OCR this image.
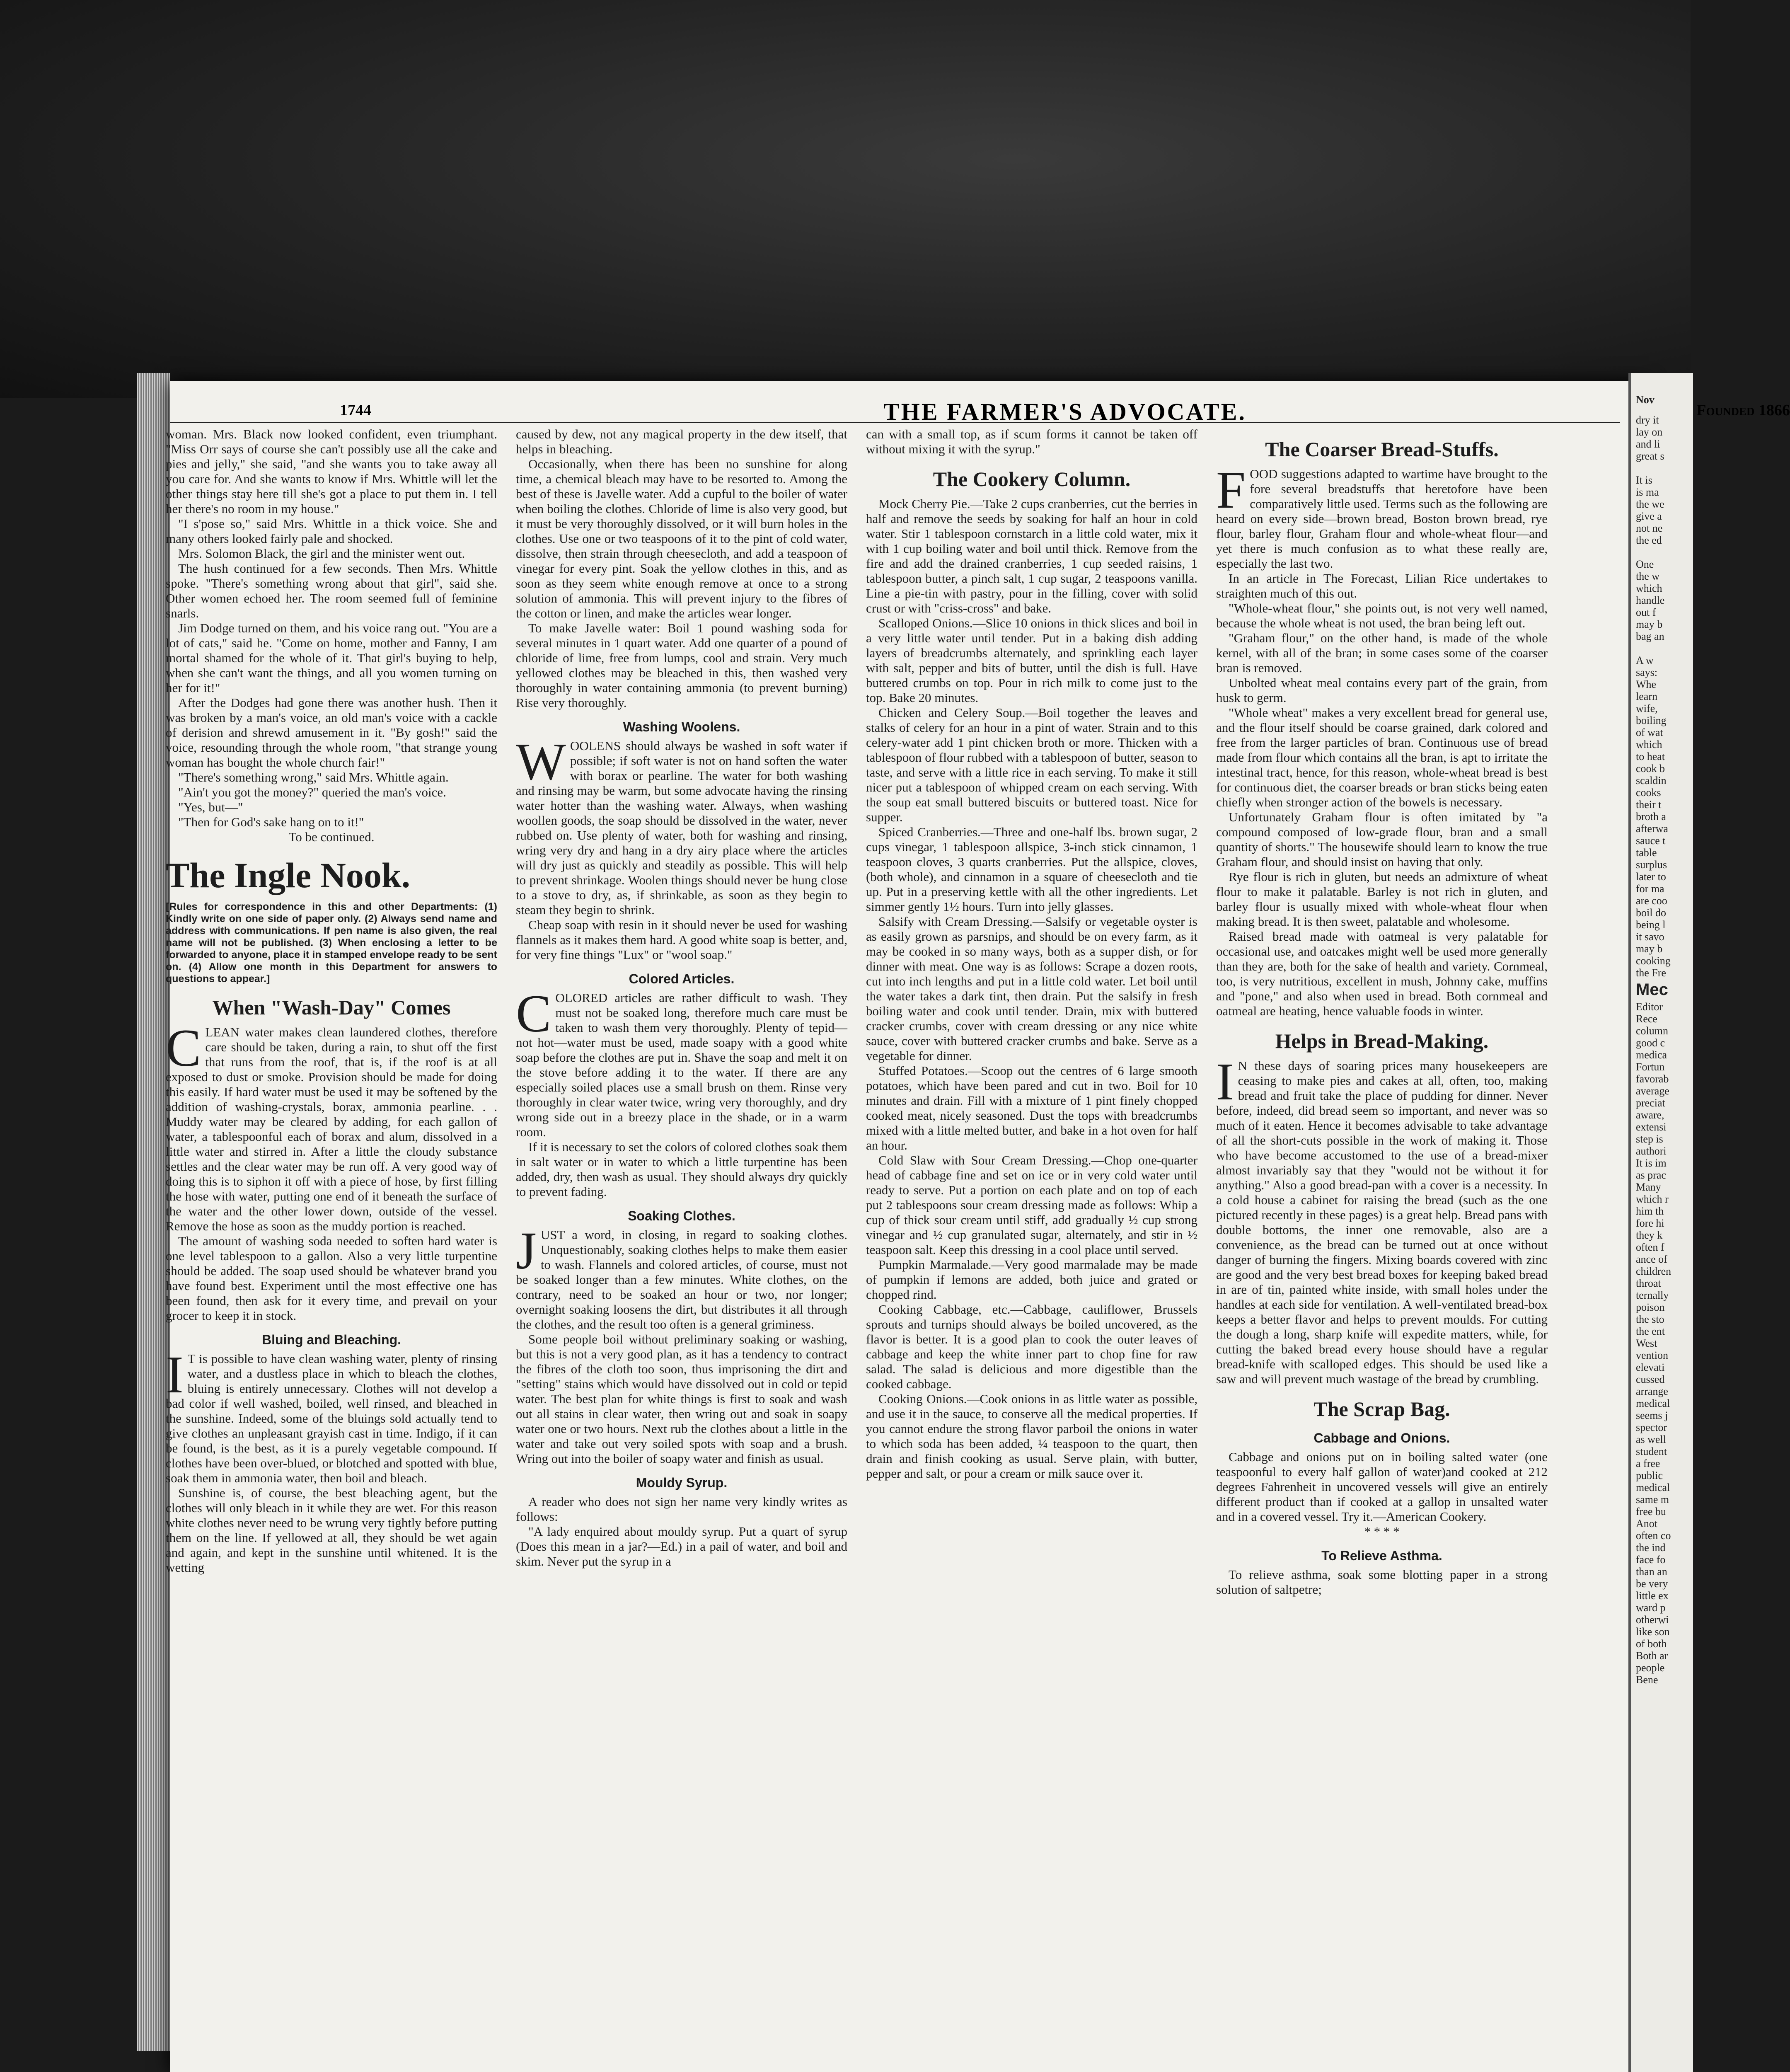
1744	THE FARMER'S ADVOCATE.	Founded 1866

woman. Mrs. Black now looked confident, even triumphant. "Miss Orr says of course she can't possibly use all the cake and pies and jelly," she said, "and she wants you to take away all you care for. And she wants to know if Mrs. Whittle will let the other things stay here till she's got a place to put them in. I tell her there's no room in my house."

"I s'pose so," said Mrs. Whittle in a thick voice. She and many others looked fairly pale and shocked.

Mrs. Solomon Black, the girl and the minister went out.

The hush continued for a few seconds. Then Mrs. Whittle spoke. "There's something wrong about that girl", said she. Other women echoed her. The room seemed full of feminine snarls.

Jim Dodge turned on them, and his voice rang out. "You are a lot of cats," said he. "Come on home, mother and Fanny, I am mortal shamed for the whole of it. That girl's buying to help, when she can't want the things, and all you women turning on her for it!"

After the Dodges had gone there was another hush. Then it was broken by a man's voice, an old man's voice with a cackle of derision and shrewd amusement in it. "By gosh!" said the voice, resounding through the whole room, "that strange young woman has bought the whole church fair!"

"There's something wrong," said Mrs. Whittle again.

"Ain't you got the money?" queried the man's voice.

"Yes, but—"

"Then for God's sake hang on to it!"

To be continued.

The Ingle Nook.
[Rules for correspondence in this and other Departments: (1) Kindly write on one side of paper only. (2) Always send name and address with communications. If pen name is also given, the real name will not be published. (3) When enclosing a letter to be forwarded to anyone, place it in stamped envelope ready to be sent on. (4) Allow one month in this Department for answers to questions to appear.]
When "Wash-Day" Comes

CLEAN water makes clean laundered clothes, therefore care should be taken, during a rain, to shut off the first that runs from the roof, that is, if the roof is at all exposed to dust or smoke. Provision should be made for doing this easily. If hard water must be used it may be softened by the addition of washing-crystals, borax, ammonia pearline. . . Muddy water may be cleared by adding, for each gallon of water, a tablespoonful each of borax and alum, dissolved in a little water and stirred in. After a little the cloudy substance settles and the clear water may be run off. A very good way of doing this is to siphon it off with a piece of hose, by first filling the hose with water, putting one end of it beneath the surface of the water and the other lower down, outside of the vessel. Remove the hose as soon as the muddy portion is reached.

The amount of washing soda needed to soften hard water is one level tablespoon to a gallon. Also a very little turpentine should be added. The soap used should be whatever brand you have found best. Experiment until the most effective one has been found, then ask for it every time, and prevail on your grocer to keep it in stock.

Bluing and Bleaching.

I T is possible to have clean washing water, plenty of rinsing water, and a dustless place in which to bleach the clothes, bluing is entirely unnecessary. Clothes will not develop a bad color if well washed, boiled, well rinsed, and bleached in the sunshine. Indeed, some of the bluings sold actually tend to give clothes an unpleasant grayish cast in time. Indigo, if it can be found, is the best, as it is a purely vegetable compound. If clothes have been over-blued, or blotched and spotted with blue, soak them in ammonia water, then boil and bleach.

Sunshine is, of course, the best bleaching agent, but the clothes will only bleach in it while they are wet. For this reason white clothes never need to be wrung very tightly before putting them on the line. If yellowed at all, they should be wet again and again, and kept in the sunshine until whitened. It is the wetting

caused by dew, not any magical property in the dew itself, that helps in bleaching.

Occasionally, when there has been no sunshine for along time, a chemical bleach may have to be resorted to. Among the best of these is Javelle water. Add a cupful to the boiler of water when boiling the clothes. Chloride of lime is also very good, but it must be very thoroughly dissolved, or it will burn holes in the clothes. Use one or two teaspoons of it to the pint of cold water, dissolve, then strain through cheesecloth, and add a teaspoon of vinegar for every pint. Soak the yellow clothes in this, and as soon as they seem white enough remove at once to a strong solution of ammonia. This will prevent injury to the fibres of the cotton or linen, and make the articles wear longer.

To make Javelle water: Boil 1 pound washing soda for several minutes in 1 quart water. Add one quarter of a pound of chloride of lime, free from lumps, cool and strain. Very much yellowed clothes may be bleached in this, then washed very thoroughly in water containing ammonia (to prevent burning) Rise very thoroughly.

Washing Woolens.

WOOLENS should always be washed in soft water if possible; if soft water is not on hand soften the water with borax or pearline. The water for both washing and rinsing may be warm, but some advocate having the rinsing water hotter than the washing water. Always, when washing woollen goods, the soap should be dissolved in the water, never rubbed on. Use plenty of water, both for washing and rinsing, wring very dry and hang in a dry airy place where the articles will dry just as quickly and steadily as possible. This will help to prevent shrinkage. Woolen things should never be hung close to a stove to dry, as, if shrinkable, as soon as they begin to steam they begin to shrink.

Cheap soap with resin in it should never be used for washing flannels as it makes them hard. A good white soap is better, and, for very fine things "Lux" or "wool soap."

Colored Articles.

COLORED articles are rather difficult to wash. They must not be soaked long, therefore much care must be taken to wash them very thoroughly. Plenty of tepid—not hot—water must be used, made soapy with a good white soap before the clothes are put in. Shave the soap and melt it on the stove before adding it to the water. If there are any especially soiled places use a small brush on them. Rinse very thoroughly in clear water twice, wring very thoroughly, and dry wrong side out in a breezy place in the shade, or in a warm room.

If it is necessary to set the colors of colored clothes soak them in salt water or in water to which a little turpentine has been added, dry, then wash as usual. They should always dry quickly to prevent fading.

Soaking Clothes.

JUST a word, in closing, in regard to soaking clothes. Unquestionably, soaking clothes helps to make them easier to wash. Flannels and colored articles, of course, must not be soaked longer than a few minutes. White clothes, on the contrary, need to be soaked an hour or two, nor longer; overnight soaking loosens the dirt, but distributes it all through the clothes, and the result too often is a general griminess.

Some people boil without preliminary soaking or washing, but this is not a very good plan, as it has a tendency to contract the fibres of the cloth too soon, thus imprisoning the dirt and "setting" stains which would have dissolved out in cold or tepid water. The best plan for white things is first to soak and wash out all stains in clear water, then wring out and soak in soapy water one or two hours. Next rub the clothes about a little in the water and take out very soiled spots with soap and a brush. Wring out into the boiler of soapy water and finish as usual.

Mouldy Syrup.

A reader who does not sign her name very kindly writes as follows:

"A lady enquired about mouldy syrup. Put a quart of syrup (Does this mean in a jar?—Ed.) in a pail of water, and boil and skim. Never put the syrup in a

can with a small top, as if scum forms it cannot be taken off without mixing it with the syrup."

The Cookery Column.

Mock Cherry Pie.—Take 2 cups cranberries, cut the berries in half and remove the seeds by soaking for half an hour in cold water. Stir 1 tablespoon cornstarch in a little cold water, mix it with 1 cup boiling water and boil until thick. Remove from the fire and add the drained cranberries, 1 cup seeded raisins, 1 tablespoon butter, a pinch salt, 1 cup sugar, 2 teaspoons vanilla. Line a pie-tin with pastry, pour in the filling, cover with solid crust or with "criss-cross" and bake.

Scalloped Onions.—Slice 10 onions in thick slices and boil in a very little water until tender. Put in a baking dish adding layers of breadcrumbs alternately, and sprinkling each layer with salt, pepper and bits of butter, until the dish is full. Have buttered crumbs on top. Pour in rich milk to come just to the top. Bake 20 minutes.

Chicken and Celery Soup.—Boil together the leaves and stalks of celery for an hour in a pint of water. Strain and to this celery-water add 1 pint chicken broth or more. Thicken with a tablespoon of flour rubbed with a tablespoon of butter, season to taste, and serve with a little rice in each serving. To make it still nicer put a tablespoon of whipped cream on each serving. With the soup eat small buttered biscuits or buttered toast. Nice for supper.

Spiced Cranberries.—Three and one-half lbs. brown sugar, 2 cups vinegar, 1 tablespoon allspice, 3-inch stick cinnamon, 1 teaspoon cloves, 3 quarts cranberries. Put the allspice, cloves, (both whole), and cinnamon in a square of cheesecloth and tie up. Put in a preserving kettle with all the other ingredients. Let simmer gently 1½ hours. Turn into jelly glasses.

Salsify with Cream Dressing.—Salsify or vegetable oyster is as easily grown as parsnips, and should be on every farm, as it may be cooked in so many ways, both as a supper dish, or for dinner with meat. One way is as follows: Scrape a dozen roots, cut into inch lengths and put in a little cold water. Let boil until the water takes a dark tint, then drain. Put the salsify in fresh boiling water and cook until tender. Drain, mix with buttered cracker crumbs, cover with cream dressing or any nice white sauce, cover with buttered cracker crumbs and bake. Serve as a vegetable for dinner.

Stuffed Potatoes.—Scoop out the centres of 6 large smooth potatoes, which have been pared and cut in two. Boil for 10 minutes and drain. Fill with a mixture of 1 pint finely chopped cooked meat, nicely seasoned. Dust the tops with breadcrumbs mixed with a little melted butter, and bake in a hot oven for half an hour.

Cold Slaw with Sour Cream Dressing.—Chop one-quarter head of cabbage fine and set on ice or in very cold water until ready to serve. Put a portion on each plate and on top of each put 2 tablespoons sour cream dressing made as follows: Whip a cup of thick sour cream until stiff, add gradually ½ cup strong vinegar and ½ cup granulated sugar, alternately, and stir in ½ teaspoon salt. Keep this dressing in a cool place until served.

Pumpkin Marmalade.—Very good marmalade may be made of pumpkin if lemons are added, both juice and grated or chopped rind.

Cooking Cabbage, etc.—Cabbage, cauliflower, Brussels sprouts and turnips should always be boiled uncovered, as the flavor is better. It is a good plan to cook the outer leaves of cabbage and keep the white inner part to chop fine for raw salad. The salad is delicious and more digestible than the cooked cabbage.

Cooking Onions.—Cook onions in as little water as possible, and use it in the sauce, to conserve all the medical properties. If you cannot endure the strong flavor parboil the onions in water to which soda has been added, ¼ teaspoon to the quart, then drain and finish cooking as usual. Serve plain, with butter, pepper and salt, or pour a cream or milk sauce over it.

The Coarser Bread-Stuffs.

FOOD suggestions adapted to wartime have brought to the fore several breadstuffs that heretofore have been comparatively little used. Terms such as the following are heard on every side—brown bread, Boston brown bread, rye flour, barley flour, Graham flour and whole-wheat flour—and yet there is much confusion as to what these really are, especially the last two.

In an article in The Forecast, Lilian Rice undertakes to straighten much of this out.

"Whole-wheat flour," she points out, is not very well named, because the whole wheat is not used, the bran being left out.

"Graham flour," on the other hand, is made of the whole kernel, with all of the bran; in some cases some of the coarser bran is removed.

Unbolted wheat meal contains every part of the grain, from husk to germ.

"Whole wheat" makes a very excellent bread for general use, and the flour itself should be coarse grained, dark colored and free from the larger particles of bran. Continuous use of bread made from flour which contains all the bran, is apt to irritate the intestinal tract, hence, for this reason, whole-wheat bread is best for continuous diet, the coarser breads or bran sticks being eaten chiefly when stronger action of the bowels is necessary.

Unfortunately Graham flour is often imitated by "a compound composed of low-grade flour, bran and a small quantity of shorts." The housewife should learn to know the true Graham flour, and should insist on having that only.

Rye flour is rich in gluten, but needs an admixture of wheat flour to make it palatable. Barley is not rich in gluten, and barley flour is usually mixed with whole-wheat flour when making bread. It is then sweet, palatable and wholesome.

Raised bread made with oatmeal is very palatable for occasional use, and oatcakes might well be used more generally than they are, both for the sake of health and variety. Cornmeal, too, is very nutritious, excellent in mush, Johnny cake, muffins and "pone," and also when used in bread. Both cornmeal and oatmeal are heating, hence valuable foods in winter.

Helps in Bread-Making.

I N these days of soaring prices many housekeepers are ceasing to make pies and cakes at all, often, too, making bread and fruit take the place of pudding for dinner. Never before, indeed, did bread seem so important, and never was so much of it eaten. Hence it becomes advisable to take advantage of all the short-cuts possible in the work of making it. Those who have become accustomed to the use of a bread-mixer almost invariably say that they "would not be without it for anything." Also a good bread-pan with a cover is a necessity. In a cold house a cabinet for raising the bread (such as the one pictured recently in these pages) is a great help. Bread pans with double bottoms, the inner one removable, also are a convenience, as the bread can be turned out at once without danger of burning the fingers. Mixing boards covered with zinc are good and the very best bread boxes for keeping baked bread in are of tin, painted white inside, with small holes under the handles at each side for ventilation. A well-ventilated bread-box keeps a better flavor and helps to prevent moulds. For cutting the dough a long, sharp knife will expedite matters, while, for cutting the baked bread every house should have a regular bread-knife with scalloped edges. This should be used like a saw and will prevent much wastage of the bread by crumbling.

The Scrap Bag.
Cabbage and Onions.

Cabbage and onions put on in boiling salted water (one teaspoonful to every half gallon of water)and cooked at 212 degrees Fahrenheit in uncovered vessels will give an entirely different product than if cooked at a gallop in unsalted water and in a covered vessel. Try it.—American Cookery.

* * * *

To Relieve Asthma.

To relieve asthma, soak some blotting paper in a strong solution of saltpetre;

Nov

dry it

lay on

and li

great s

It is

is ma

the we

give a

not ne

the ed

One

the w

which

handle

out f

may b

bag an

A w

says:

Whe

learn

wife,

boiling

of wat

which

to heat

cook b

scaldin

cooks

their t

broth a

afterwa

sauce t

table

surplus

later to

for ma

are coo

boil do

being l

it savo

may b

cooking

the Fre

Mec

Editor

Rece

column

good c

medica

Fortun

favorab

average

preciat

aware,

extensi

step is

authori

It is im

as prac

Many

which r

him th

fore hi

they k

often f

ance of

children

throat

ternally

poison

the sto

the ent

West

vention

elevati

cussed

arrange

medical

seems j

spector

as well

student

a free

public

medical

same m

free bu

Anot

often co

the ind

face fo

than an

be very

little ex

ward p

otherwi

like son

of both

Both ar

people

Bene
